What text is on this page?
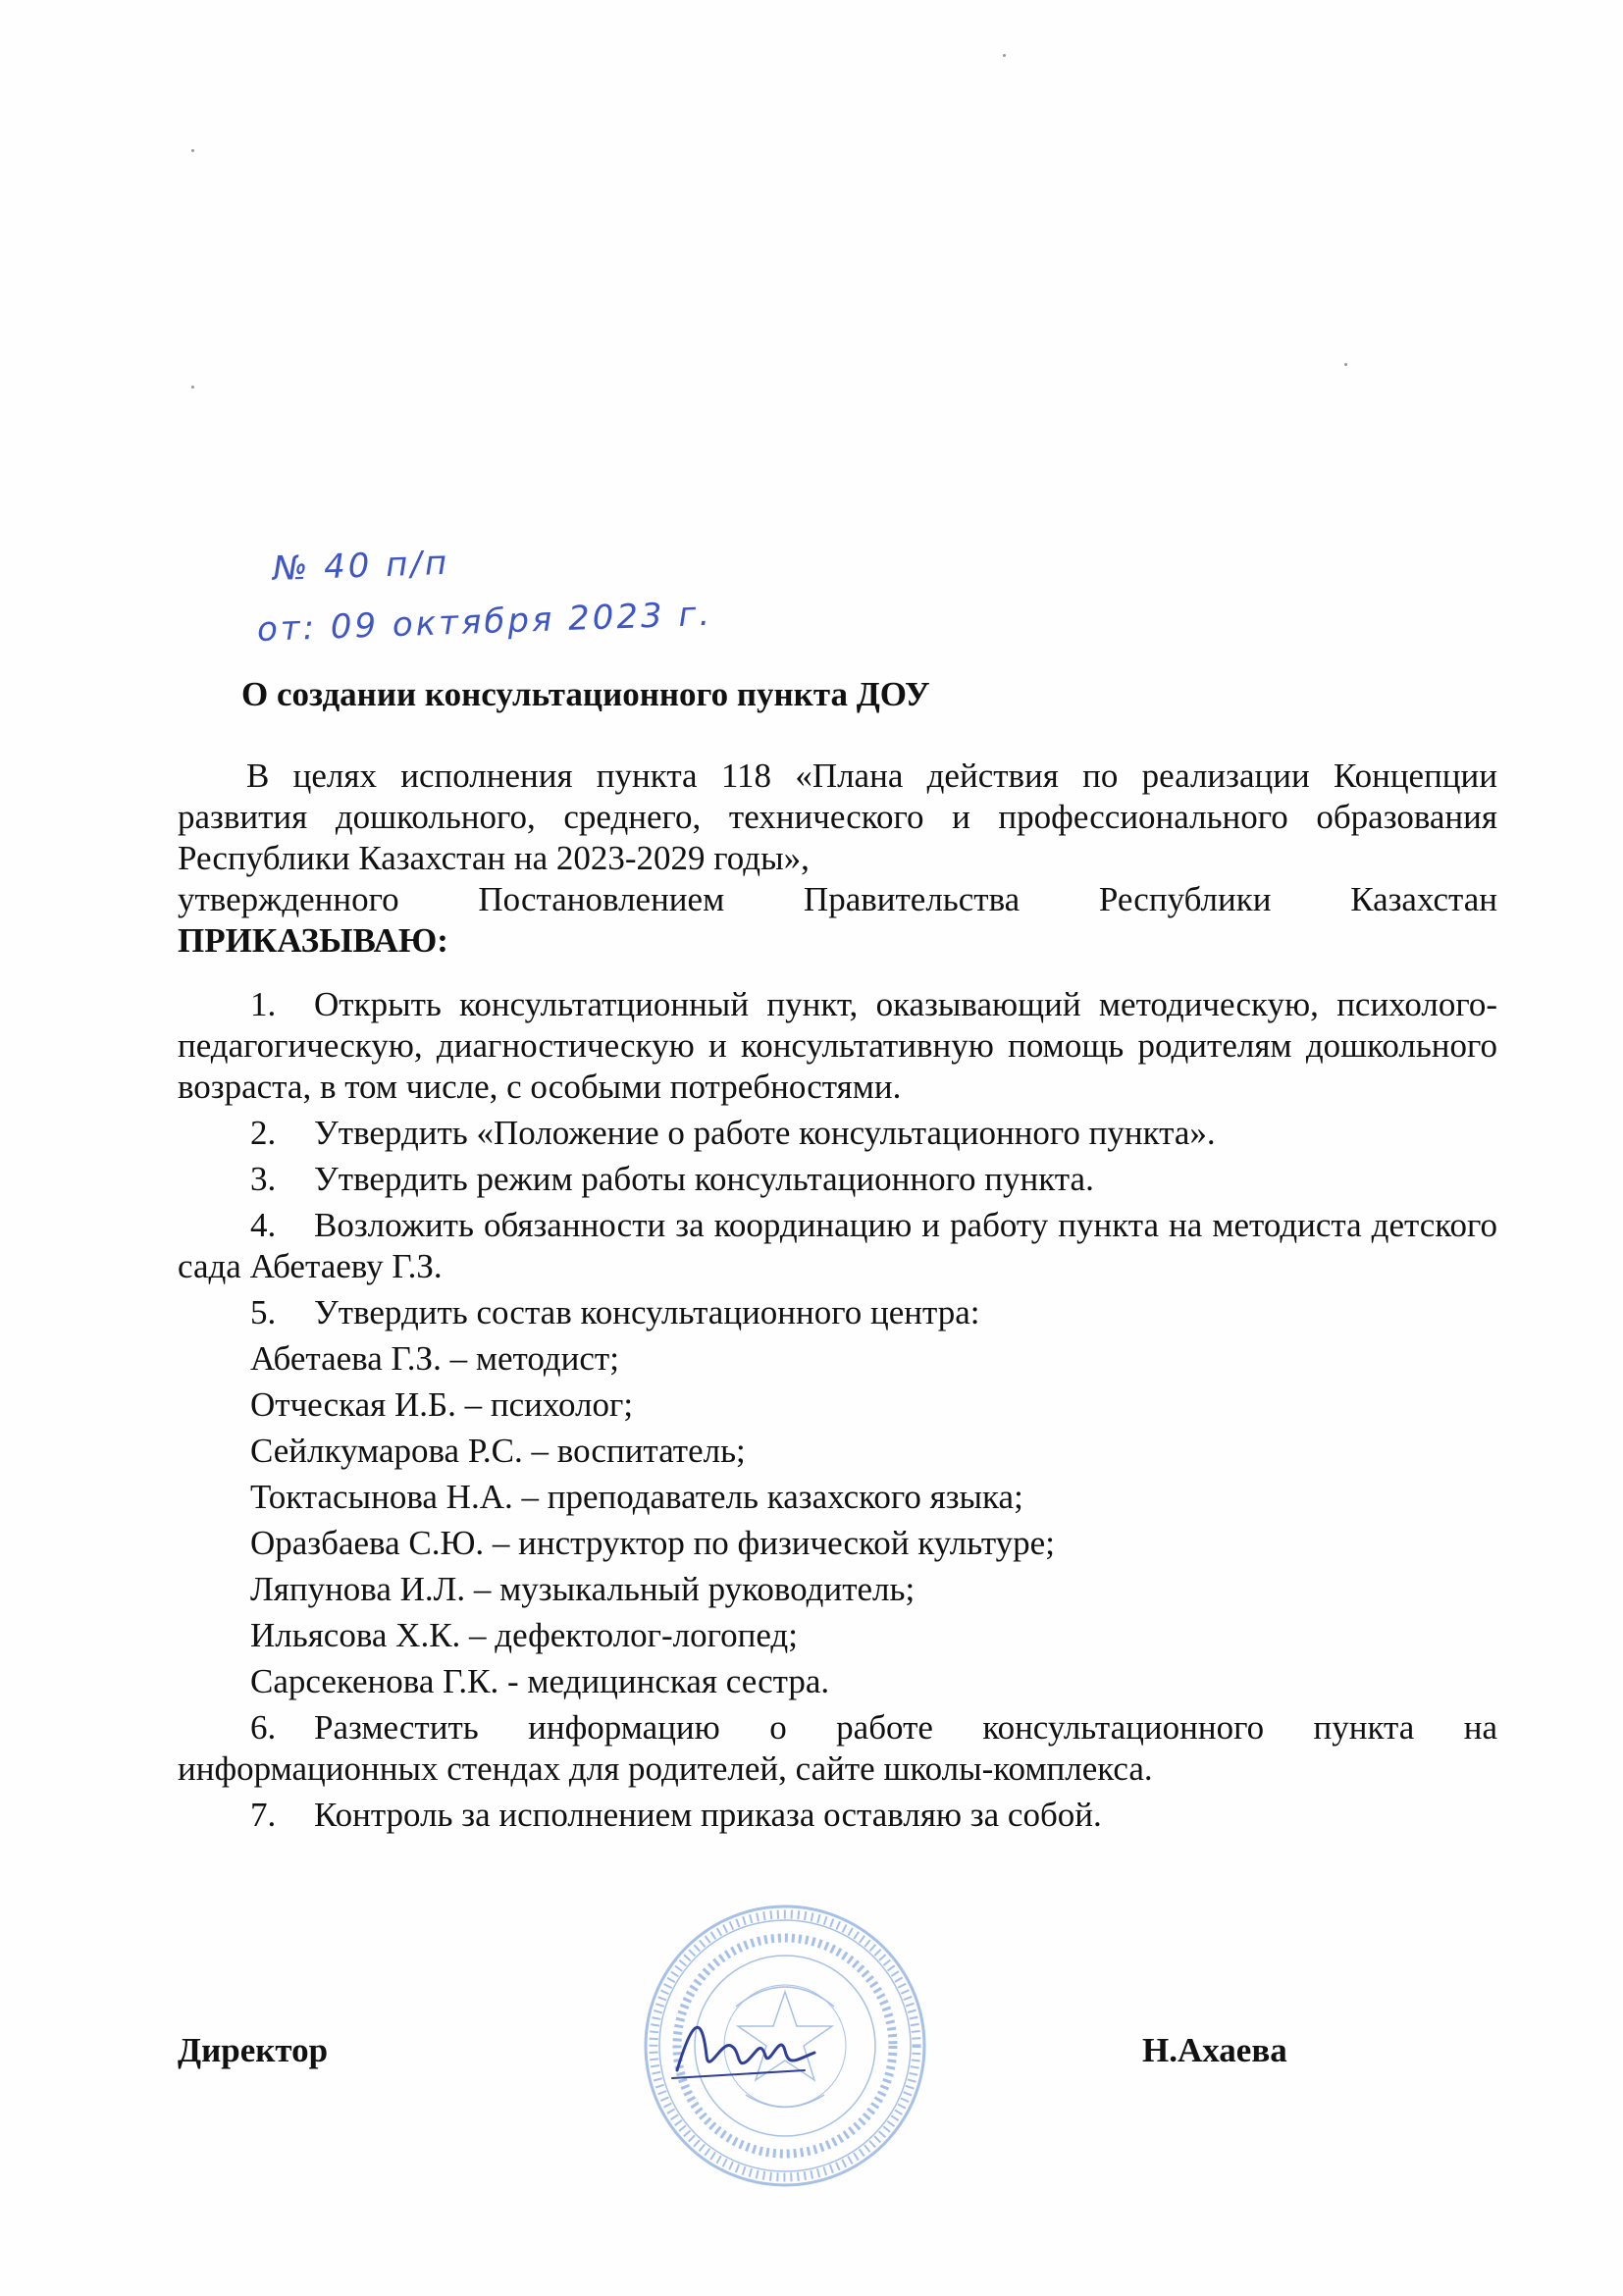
№ 40 п/п
от: 09 октября 2023 г.
О создании консультационного пункта ДОУ
В целях исполнения пункта 118 «Плана действия по реализации Концепции развития дошкольного, среднего, технического и профессионального образования Республики Казахстан на 2023-2029 годы»,
утвержденного Постановлением Правительства Республики Казахстан
ПРИКАЗЫВАЮ:
1. Открыть консультатционный пункт, оказывающий методическую, психолого-педагогическую, диагностическую и консультативную помощь родителям дошкольного возраста, в том числе, с особыми потребностями.
2. Утвердить «Положение о работе консультационного пункта».
3. Утвердить режим работы консультационного пункта.
4. Возложить обязанности за координацию и работу пункта на методиста детского сада Абетаеву Г.З.
5. Утвердить состав консультационного центра:
Абетаева Г.З. – методист;
Отческая И.Б. – психолог;
Сейлкумарова Р.С. – воспитатель;
Токтасынова Н.А. – преподаватель казахского языка;
Оразбаева С.Ю. – инструктор по физической культуре;
Ляпунова И.Л. – музыкальный руководитель;
Ильясова Х.К. – дефектолог-логопед;
Сарсекенова Г.К. - медицинская сестра.
6. Разместить информацию о работе консультационного пункта на информационных стендах для родителей, сайте школы-комплекса.
7. Контроль за исполнением приказа оставляю за собой.
Директор	Н.Ахаева
